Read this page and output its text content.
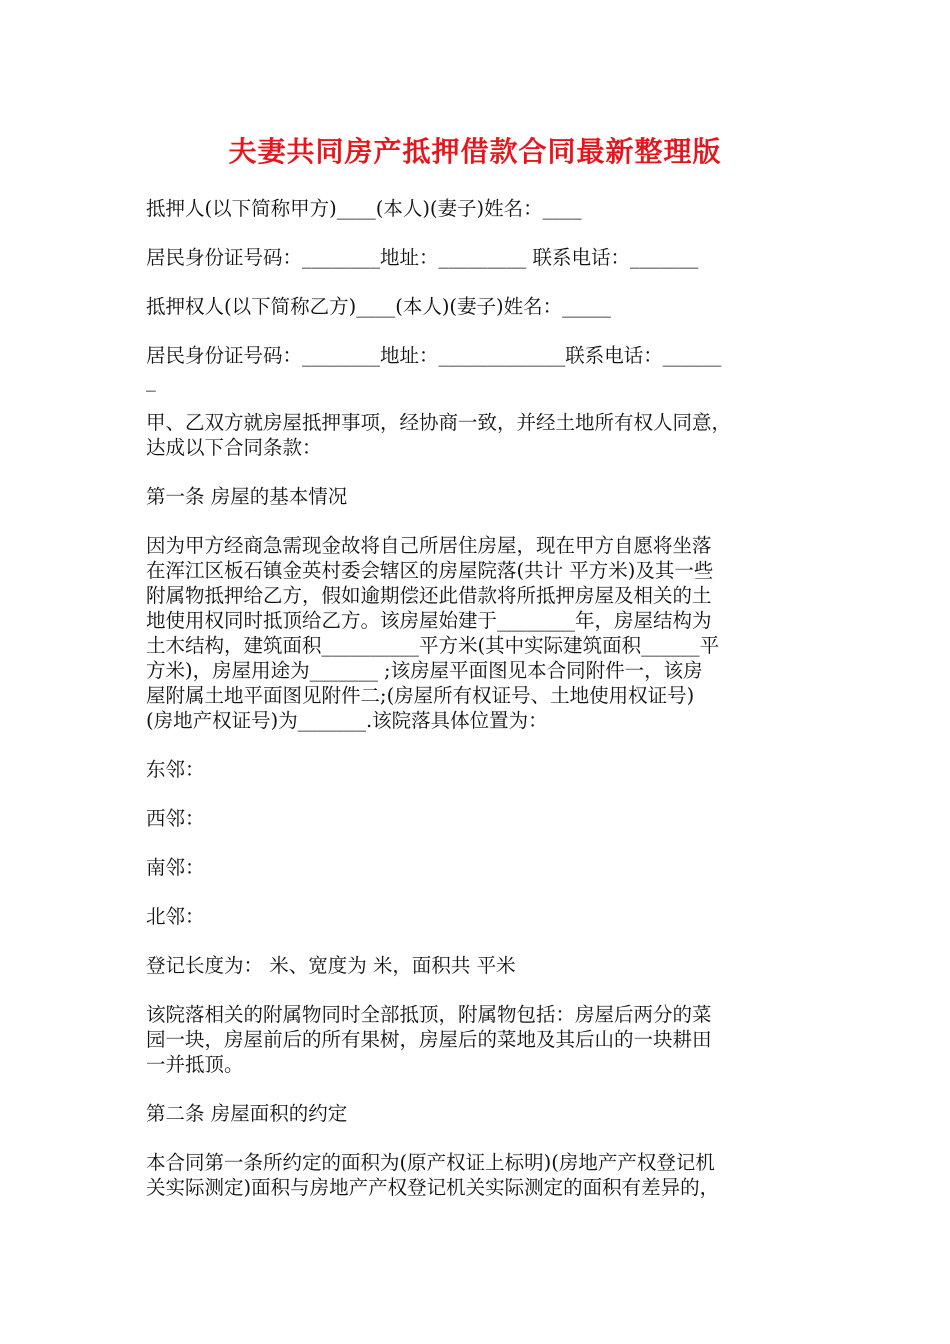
夫妻共同房产抵押借款合同最新整理版

抵押人(以下简称甲方)____(本人)(妻子)姓名：____

居民身份证号码：________地址：_________ 联系电话：_______

抵押权人(以下简称乙方)____(本人)(妻子)姓名：_____

居民身份证号码：________地址：_____________联系电话：______
_

甲、乙双方就房屋抵押事项，经协商一致，并经土地所有权人同意，
达成以下合同条款：

第一条 房屋的基本情况

因为甲方经商急需现金故将自己所居住房屋，现在甲方自愿将坐落
在浑江区板石镇金英村委会辖区的房屋院落(共计 平方米)及其一些
附属物抵押给乙方，假如逾期偿还此借款将所抵押房屋及相关的土
地使用权同时抵顶给乙方。该房屋始建于________年，房屋结构为
土木结构，建筑面积__________平方米(其中实际建筑面积______平
方米)，房屋用途为_______ ;该房屋平面图见本合同附件一，该房
屋附属土地平面图见附件二;(房屋所有权证号、土地使用权证号)
(房地产权证号)为_______.该院落具体位置为：

东邻：

西邻：

南邻：

北邻：

登记长度为： 米、宽度为 米，面积共 平米

该院落相关的附属物同时全部抵顶，附属物包括：房屋后两分的菜
园一块，房屋前后的所有果树，房屋后的菜地及其后山的一块耕田
一并抵顶。

第二条 房屋面积的约定

本合同第一条所约定的面积为(原产权证上标明)(房地产产权登记机
关实际测定)面积与房地产产权登记机关实际测定的面积有差异的，
